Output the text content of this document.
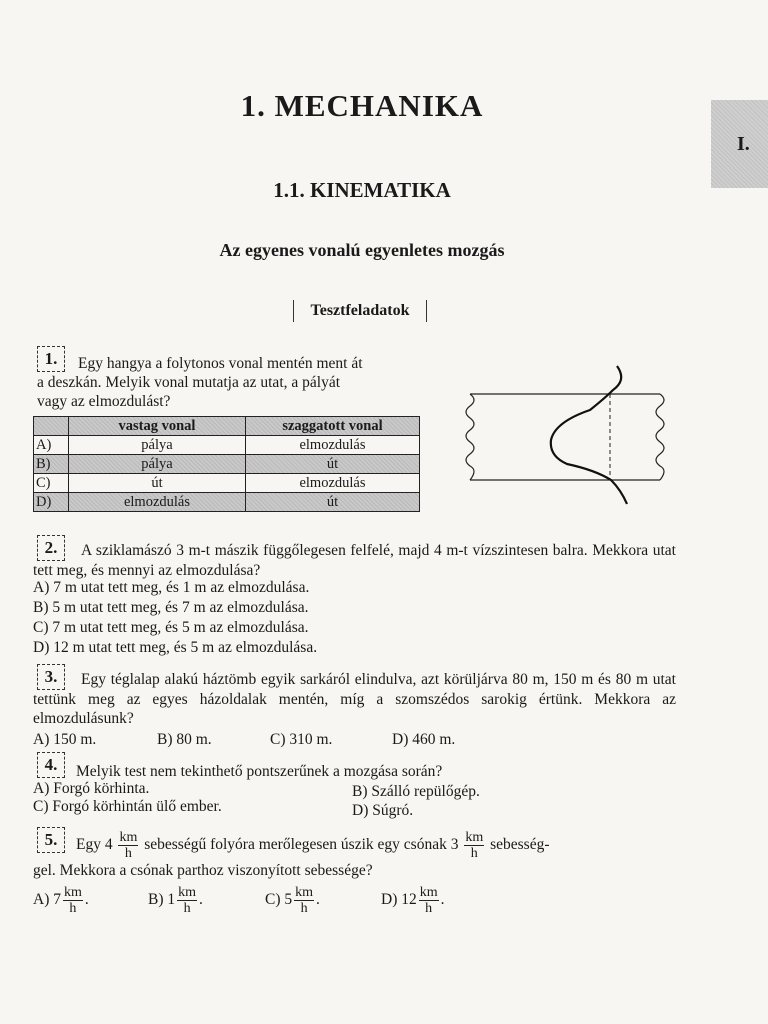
I.
1. MECHANIKA
1.1. KINEMATIKA
Az egyenes vonalú egyenletes mozgás
Tesztfeladatok
1.	Egy hangya a folytonos vonal mentén ment át
a deszkán. Melyik vonal mutatja az utat, a pályát
vagy az elmozdulást?
	vastag vonal	szaggatott vonal
A)	pálya	elmozdulás
B)	pálya	út
C)	út	elmozdulás
D)	elmozdulás	út
2.	A sziklamászó 3 m-t mászik függőlegesen felfelé, majd 4 m-t vízszintesen balra. Mekkora utat tett meg, és mennyi az elmozdulása?
A) 7 m utat tett meg, és 1 m az elmozdulása.
B) 5 m utat tett meg, és 7 m az elmozdulása.
C) 7 m utat tett meg, és 5 m az elmozdulása.
D) 12 m utat tett meg, és 5 m az elmozdulása.
3.	Egy téglalap alakú háztömb egyik sarkáról elindulva, azt körüljárva 80 m, 150 m és 80 m utat tettünk meg az egyes házoldalak mentén, míg a szomszédos sarokig értünk. Mekkora az elmozdulásunk?
A) 150 m.	B) 80 m.	C) 310 m.	D) 460 m.
4.	Melyik test nem tekinthető pontszerűnek a mozgása során?
A) Forgó körhinta.	B) Szálló repülőgép.
C) Forgó körhintán ülő ember.	D) Súgró.
5.	Egy $4 \frac{km}{h}$ sebességű folyóra merőlegesen úszik egy csónak $3 \frac{km}{h}$ sebesség-
gel. Mekkora a csónak parthoz viszonyított sebessége?
A) $7 \frac{km}{h}$ .	B) $1 \frac{km}{h}$ .	C) $5 \frac{km}{h}$ .	D) $12 \frac{km}{h}$ .
